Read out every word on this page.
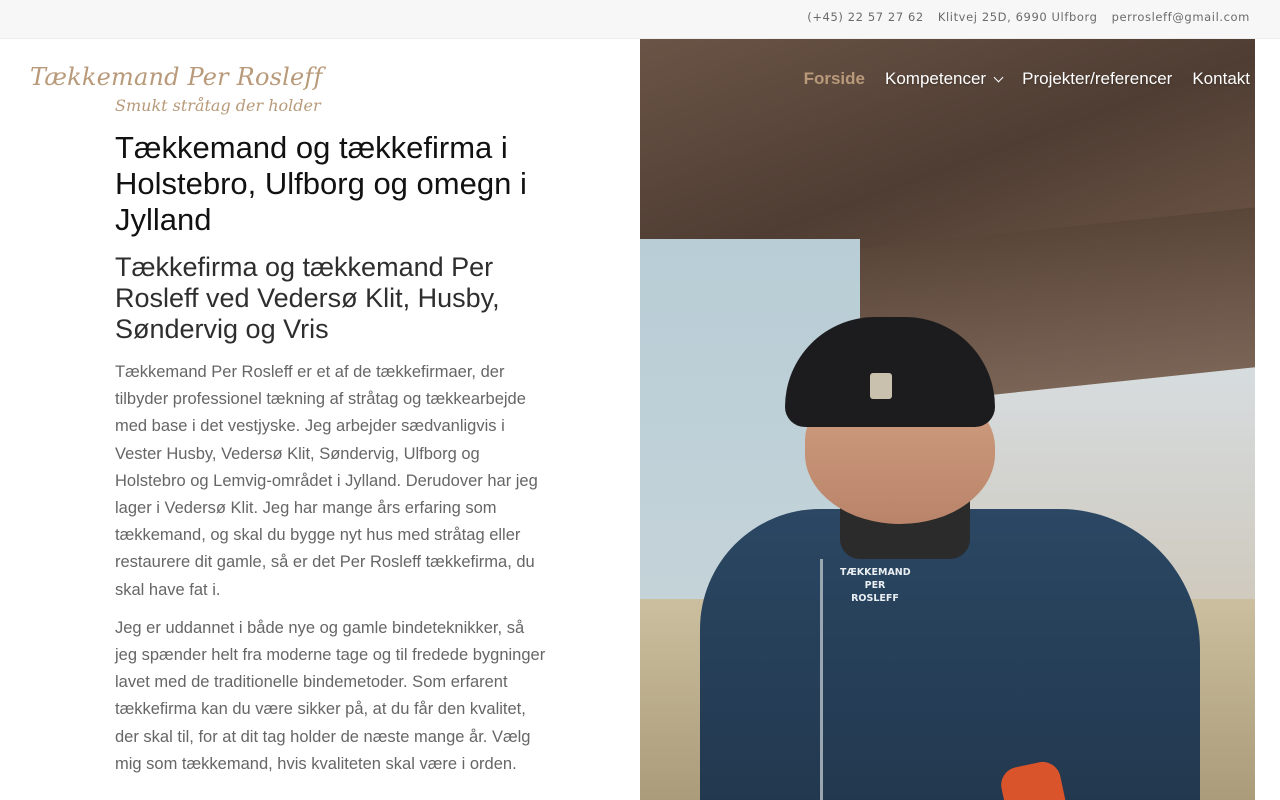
(+45) 22 57 27 62 Klitvej 25D, 6990 Ulfborg perrosleff@gmail.com
TÆKKEMAND
PER ROSLEFF
Tækkemand Per Rosleff
Smukt stråtag der holder
Forside Kompetencer Projekter/referencer Kontakt
Tækkemand og tækkefirma i Holstebro, Ulfborg og omegn i Jylland
Tækkefirma og tækkemand Per Rosleff ved Vedersø Klit, Husby, Søndervig og Vris

Tækkemand Per Rosleff er et af de tækkefirmaer, der tilbyder professionel tækning af stråtag og tækkearbejde med base i det vestjyske. Jeg arbejder sædvanligvis i Vester Husby, Vedersø Klit, Søndervig, Ulfborg og Holstebro og Lemvig-området i Jylland. Derudover har jeg lager i Vedersø Klit. Jeg har mange års erfaring som tækkemand, og skal du bygge nyt hus med stråtag eller restaurere dit gamle, så er det Per Rosleff tækkefirma, du skal have fat i.

Jeg er uddannet i både nye og gamle bindeteknikker, så jeg spænder helt fra moderne tage og til fredede bygninger lavet med de traditionelle bindemetoder. Som erfarent tækkefirma kan du være sikker på, at du får den kvalitet, der skal til, for at dit tag holder de næste mange år. Vælg mig som tækkemand, hvis kvaliteten skal være i orden.
